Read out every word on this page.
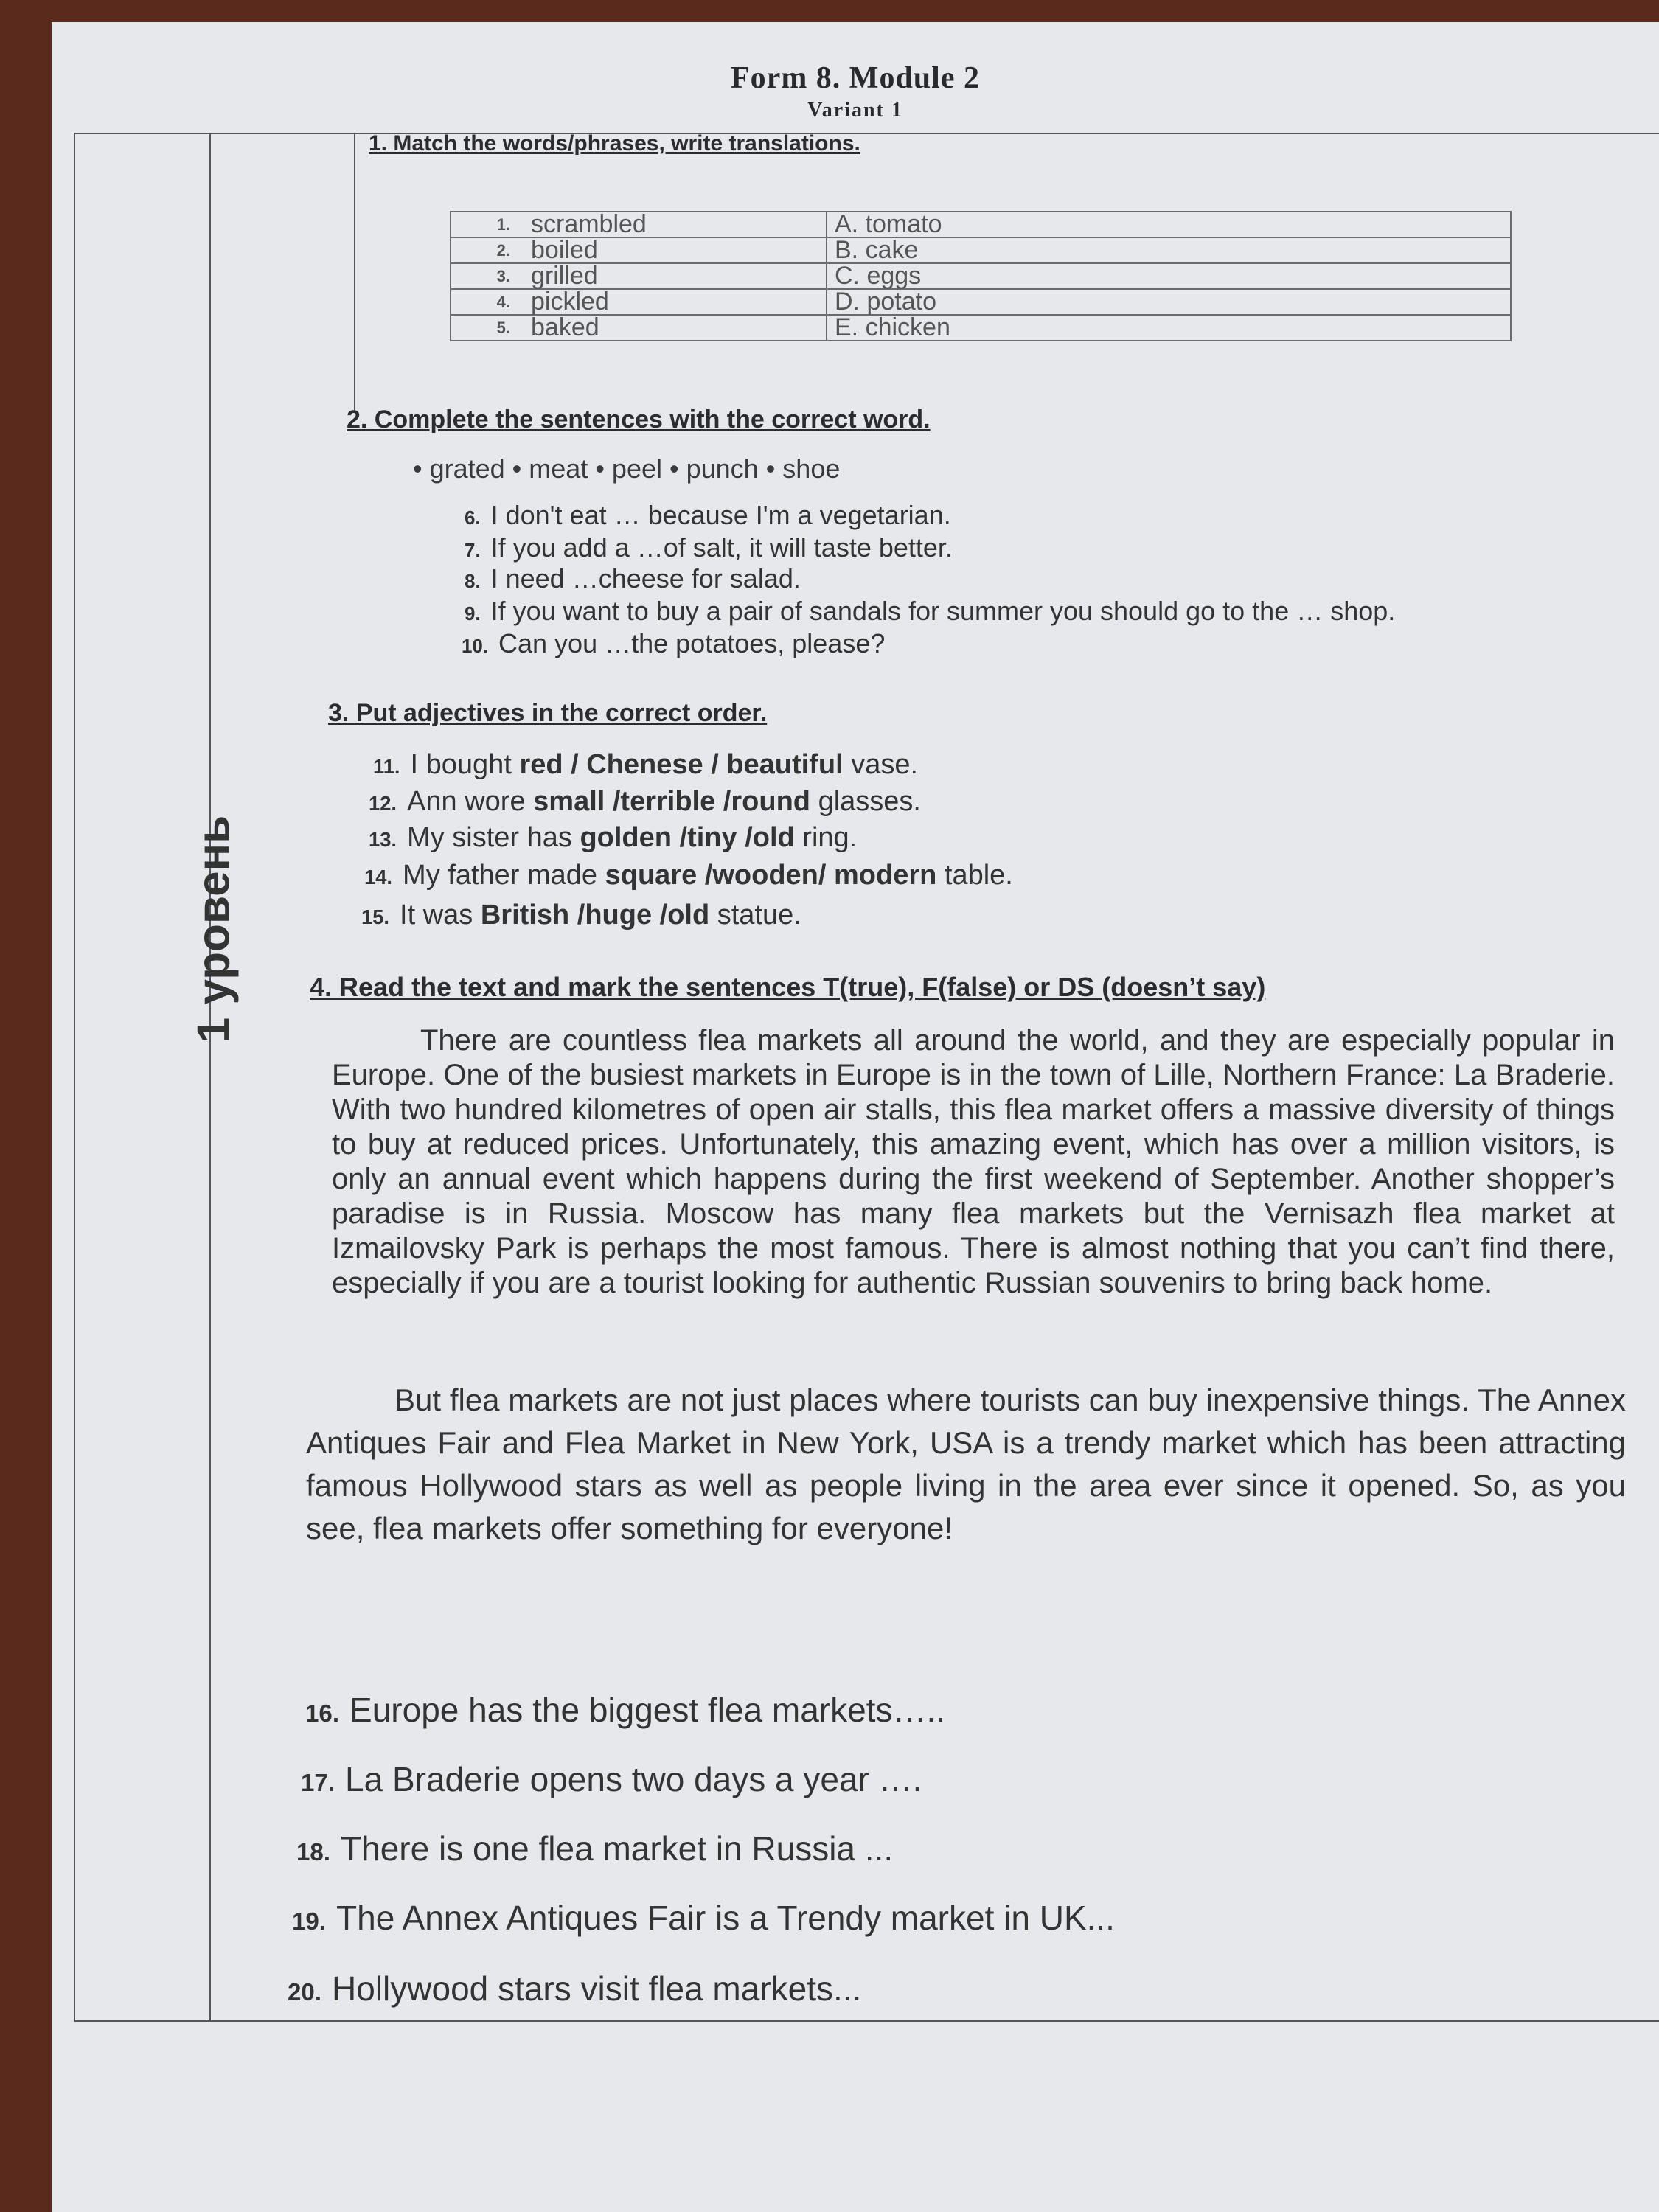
Form 8. Module 2
Variant 1
1 уровень
1. Match the words/phrases, write translations.
1.	scrambled	A. tomato
2.	boiled	B. cake
3.	grilled	C. eggs
4.	pickled	D. potato
5.	baked	E. chicken
2. Complete the sentences with the correct word.
• grated • meat • peel • punch • shoe
6. I don't eat … because I'm a vegetarian.
7. If you add a …of salt, it will taste better.
8. I need …cheese for salad.
9. If you want to buy a pair of sandals for summer you should go to the … shop.
10. Can you …the potatoes, please?
3. Put adjectives in the correct order.
11. I bought red / Chenese / beautiful vase.
12. Ann wore small /terrible /round glasses.
13. My sister has golden /tiny /old ring.
14. My father made square /wooden/ modern table.
15. It was British /huge /old statue.
4. Read the text and mark the sentences T(true), F(false) or DS (doesn’t say)
There are countless flea markets all around the world, and they are especially popular in Europe. One of the busiest markets in Europe is in the town of Lille, Northern France: La Braderie. With two hundred kilometres of open air stalls, this flea market offers a massive diversity of things to buy at reduced prices. Unfortunately, this amazing event, which has over a million visitors, is only an annual event which happens during the first weekend of September. Another shopper’s paradise is in Russia. Moscow has many flea markets but the Vernisazh flea market at Izmailovsky Park is perhaps the most famous. There is almost nothing that you can’t find there, especially if you are a tourist looking for authentic Russian souvenirs to bring back home.
But flea markets are not just places where tourists can buy inexpensive things. The Annex Antiques Fair and Flea Market in New York, USA is a trendy market which has been attracting famous Hollywood stars as well as people living in the area ever since it opened. So, as you see, flea markets offer something for everyone!
16. Europe has the biggest flea markets…..
17. La Braderie opens two days a year ….
18. There is one flea market in Russia ...
19. The Annex Antiques Fair is a Trendy market in UK...
20. Hollywood stars visit flea markets...
